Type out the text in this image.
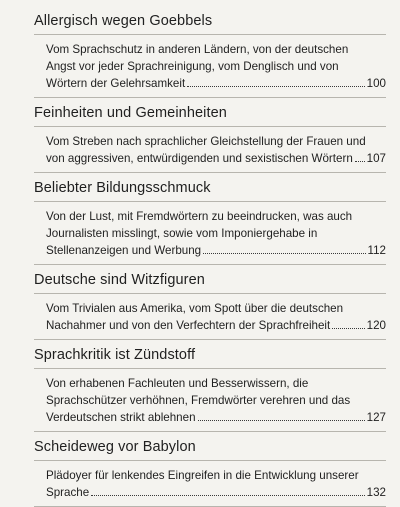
Allergisch wegen Goebbels
Vom Sprachschutz in anderen Ländern, von der deutschen
Angst vor jeder Sprachreinigung, vom Denglisch und von
Wörtern der Gelehrsamkeit	100
Feinheiten und Gemeinheiten
Vom Streben nach sprachlicher Gleichstellung der Frauen und
von aggressiven, entwürdigenden und sexistischen Wörtern 107
Beliebter Bildungsschmuck
Von der Lust, mit Fremdwörtern zu beeindrucken, was auch
Journalisten misslingt, sowie vom Imponiergehabe in
Stellenanzeigen und Werbung	112
Deutsche sind Witzfiguren
Vom Trivialen aus Amerika, vom Spott über die deutschen
Nachahmer und von den Verfechtern der Sprachfreiheit	120
Sprachkritik ist Zündstoff
Von erhabenen Fachleuten und Besserwissern, die
Sprachschützer verhöhnen, Fremdwörter verehren und das
Verdeutschen strikt ablehnen	127
Scheideweg vor Babylon
Plädoyer für lenkendes Eingreifen in die Entwicklung unserer
Sprache	132
